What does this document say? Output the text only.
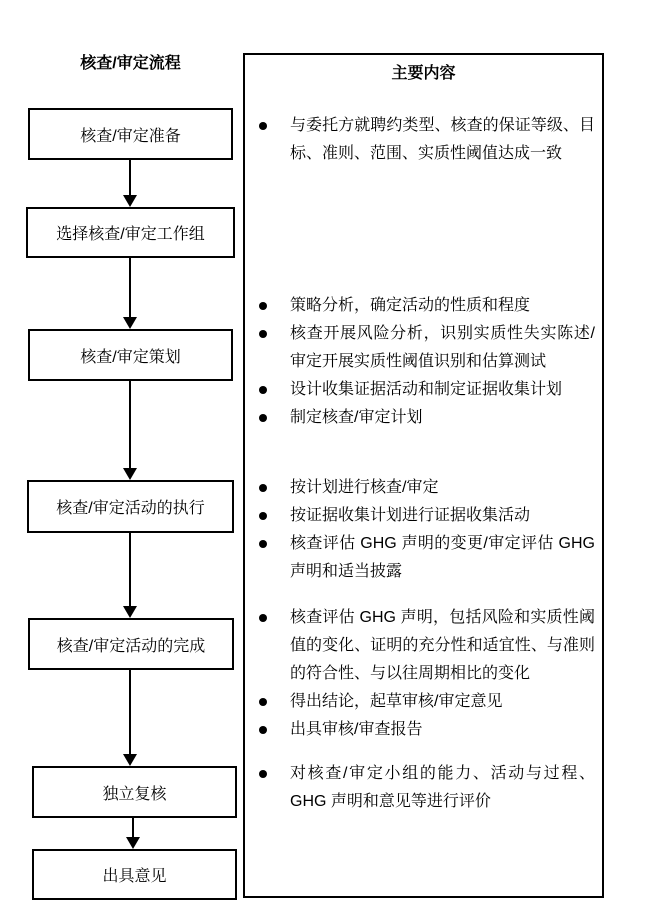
核查/审定流程
核查/审定准备
选择核查/审定工作组
核查/审定策划
核查/审定活动的执行
核查/审定活动的完成
独立复核
出具意见
主要内容
与委托方就聘约类型、核查的保证等级、目标、准则、范围、实质性阈值达成一致
策略分析，确定活动的性质和程度
核查开展风险分析，识别实质性失实陈述/审定开展实质性阈值识别和估算测试
设计收集证据活动和制定证据收集计划
制定核查/审定计划
按计划进行核查/审定
按证据收集计划进行证据收集活动
核查评估 GHG 声明的变更/审定评估 GHG 声明和适当披露
核查评估 GHG 声明，包括风险和实质性阈值的变化、证明的充分性和适宜性、与准则的符合性、与以往周期相比的变化
得出结论，起草审核/审定意见
出具审核/审查报告
对核查/审定小组的能力、活动与过程、GHG 声明和意见等进行评价
